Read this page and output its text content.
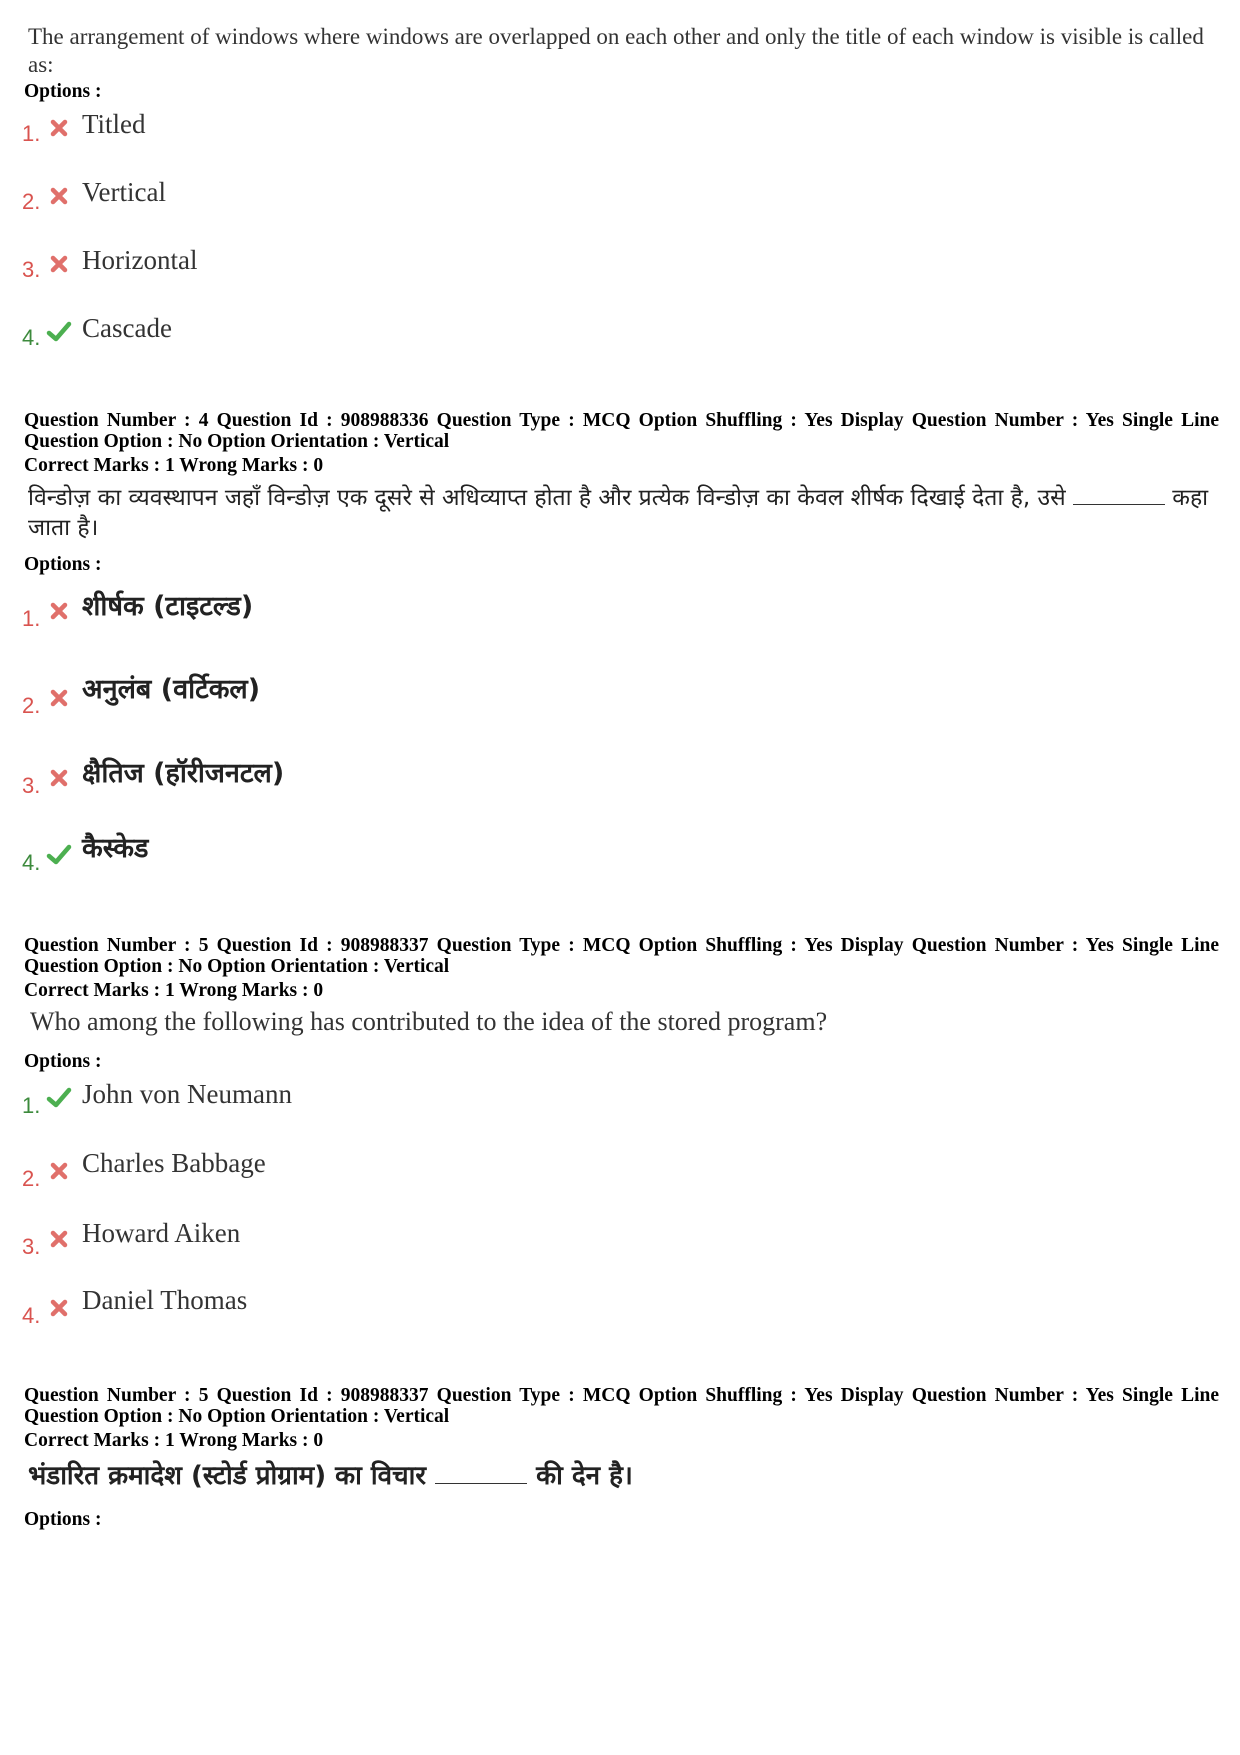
The arrangement of windows where windows are overlapped on each other and only the title of each window is visible is called as:
Options :
1. Titled
2. Vertical
3. Horizontal
4. Cascade
Question Number : 4 Question Id : 908988336 Question Type : MCQ Option Shuffling : Yes Display Question Number : Yes Single Line Question Option : No Option Orientation : Vertical
Correct Marks : 1 Wrong Marks : 0
विन्डोज़ का व्यवस्थापन जहाँ विन्डोज़ एक दूसरे से अधिव्याप्त होता है और प्रत्येक विन्डोज़ का केवल शीर्षक दिखाई देता है, उसे	कहा जाता है।
Options :
1. शीर्षक (टाइटल्ड)
2.
अनुलंब (वर्टिकल)
3. क्षैतिज (हॉरीजनटल)
4. कैस्केड
Question Number : 5 Question Id : 908988337 Question Type : MCQ Option Shuffling : Yes Display Question Number : Yes Single Line Question Option : No Option Orientation : Vertical
Correct Marks : 1 Wrong Marks : 0
Who among the following has contributed to the idea of the stored program?
Options :
1. John von Neumann
2.
Charles Babbage
3. Howard Aiken
4.
Daniel Thomas
Question Number : 5 Question Id : 908988337 Question Type : MCQ Option Shuffling : Yes Display Question Number : Yes Single Line Question Option : No Option Orientation : Vertical
Correct Marks : 1 Wrong Marks : 0
भंडारित क्रमादेश (स्टोर्ड प्रोग्राम) का विचार	की देन है।
Options :
